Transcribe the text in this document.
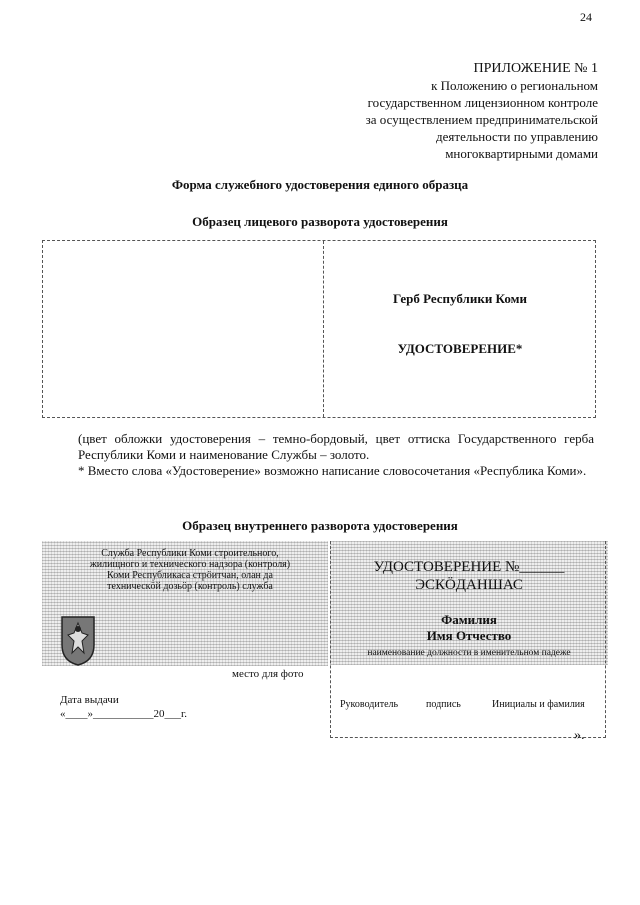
24
ПРИЛОЖЕНИЕ № 1
к Положению о региональном
государственном лицензионном контроле
за осуществлением предпринимательской
деятельности по управлению
многоквартирными домами
Форма служебного удостоверения единого образца
Образец лицевого разворота удостоверения
Герб Республики Коми
УДОСТОВЕРЕНИЕ*

(цвет обложки удостоверения – темно-бордовый, цвет оттиска Государственного герба Республики Коми и наименование Службы – золото.

* Вместо слова «Удостоверение» возможно написание словосочетания «Республика Коми».

Образец внутреннего разворота удостоверения
Служба Республики Коми строительного,
жилищного и технического надзора (контроля)
Коми Республикаса стрöитчан, олан да
техническöй дозьöр (контроль) служба
место для фото
Дата выдачи
«____»___________20___г.
УДОСТОВЕРЕНИЕ №______
ЭСКÖДАНШАС
Фамилия
Имя Отчество
наименование должности в именительном падеже
Руководитель	подпись	Инициалы и фамилия
».
